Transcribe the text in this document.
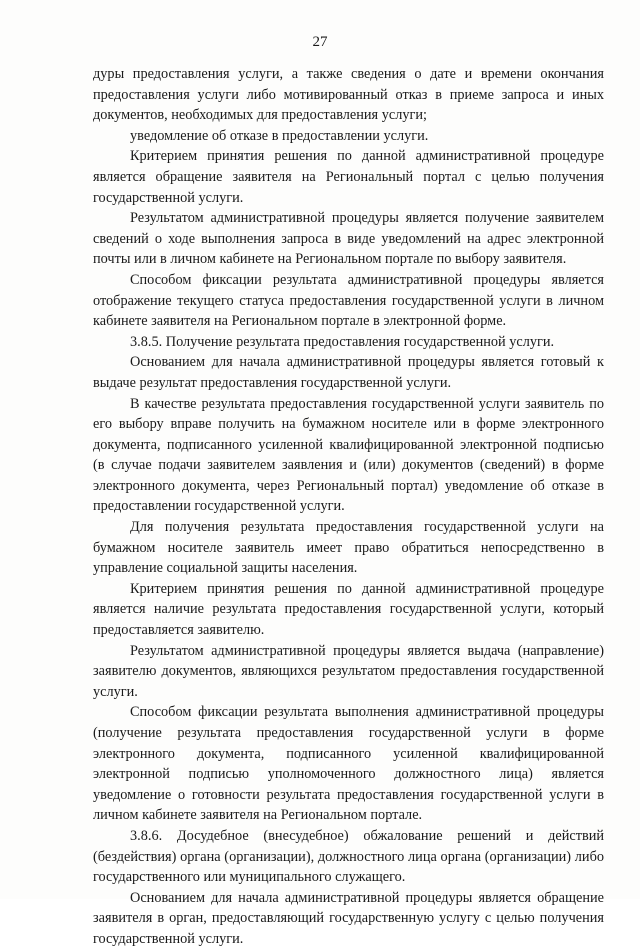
27

дуры предоставления услуги, а также сведения о дате и времени окончания предоставления услуги либо мотивированный отказ в приеме запроса и иных документов, необходимых для предоставления услуги;

уведомление об отказе в предоставлении услуги.

Критерием принятия решения по данной административной процедуре является обращение заявителя на Региональный портал с целью получения государственной услуги.

Результатом административной процедуры является получение заявителем сведений о ходе выполнения запроса в виде уведомлений на адрес электронной почты или в личном кабинете на Региональном портале по выбору заявителя.

Способом фиксации результата административной процедуры является отображение текущего статуса предоставления государственной услуги в личном кабинете заявителя на Региональном портале в электронной форме.

3.8.5. Получение результата предоставления государственной услуги.

Основанием для начала административной процедуры является готовый к выдаче результат предоставления государственной услуги.

В качестве результата предоставления государственной услуги заявитель по его выбору вправе получить на бумажном носителе или в форме электронного документа, подписанного усиленной квалифицированной электронной подписью (в случае подачи заявителем заявления и (или) документов (сведений) в форме электронного документа, через Региональный портал) уведомление об отказе в предоставлении государственной услуги.

Для получения результата предоставления государственной услуги на бумажном носителе заявитель имеет право обратиться непосредственно в управление социальной защиты населения.

Критерием принятия решения по данной административной процедуре является наличие результата предоставления государственной услуги, который предоставляется заявителю.

Результатом административной процедуры является выдача (направление) заявителю документов, являющихся результатом предоставления государственной услуги.

Способом фиксации результата выполнения административной процедуры (получение результата предоставления государственной услуги в форме электронного документа, подписанного усиленной квалифицированной электронной подписью уполномоченного должностного лица) является уведомление о готовности результата предоставления государственной услуги в личном кабинете заявителя на Региональном портале.

3.8.6. Досудебное (внесудебное) обжалование решений и действий (бездействия) органа (организации), должностного лица органа (организации) либо государственного или муниципального служащего.

Основанием для начала административной процедуры является обращение заявителя в орган, предоставляющий государственную услугу с целью получения государственной услуги.
